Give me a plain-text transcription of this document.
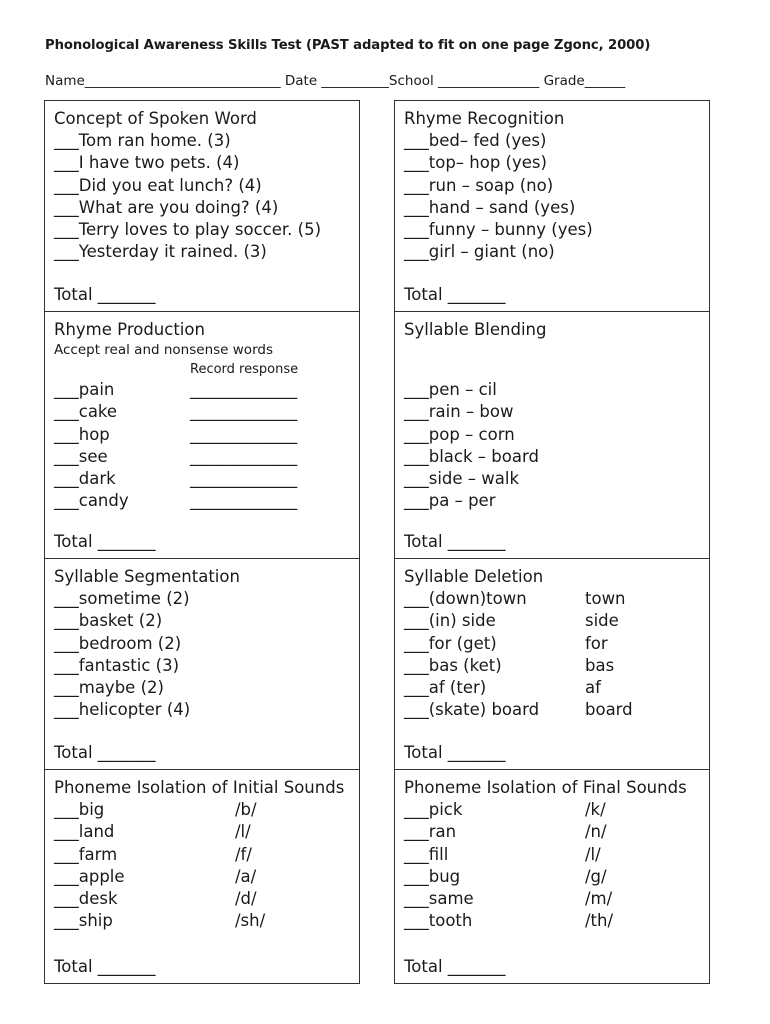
Phonological Awareness Skills Test (PAST adapted to fit on one page Zgonc, 2000)
Name_____________________________ Date __________School _______________ Grade______
Concept of Spoken Word
___Tom ran home. (3)
___I have two pets. (4)
___Did you eat lunch? (4)
___What are you doing? (4)
___Terry loves to play soccer. (5)
___Yesterday it rained. (3)
Total _______
Rhyme Production
Accept real and nonsense words
Record response
___pain	_____________
___cake	_____________
___hop	_____________
___see	_____________
___dark	_____________
___candy	_____________
Total _______
Syllable Segmentation
___sometime (2)
___basket (2)
___bedroom (2)
___fantastic (3)
___maybe (2)
___helicopter (4)
Total _______
Phoneme Isolation of Initial Sounds
___big	/b/
___land	/l/
___farm	/f/
___apple	/a/
___desk	/d/
___ship	/sh/
Total _______
Rhyme Recognition
___bed– fed (yes)
___top– hop (yes)
___run – soap (no)
___hand – sand (yes)
___funny – bunny (yes)
___girl – giant (no)
Total _______
Syllable Blending
___pen – cil
___rain – bow
___pop – corn
___black – board
___side – walk
___pa – per
Total _______
Syllable Deletion
___(down)town	town
___(in) side	side
___for (get)	for
___bas (ket)	bas
___af (ter)	af
___(skate) board	board
Total _______
Phoneme Isolation of Final Sounds
___pick	/k/
___ran	/n/
___fill	/l/
___bug	/g/
___same	/m/
___tooth	/th/
Total _______
